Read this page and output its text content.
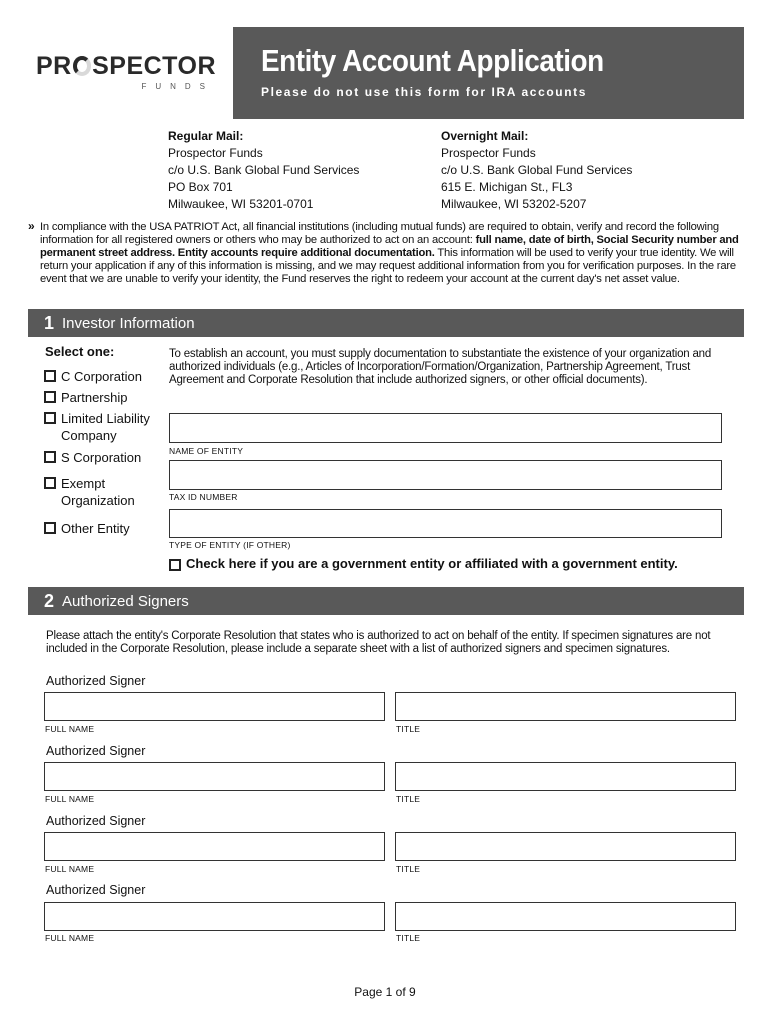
PR SPECTOR
FUNDS
Entity Account Application
Please do not use this form for IRA accounts
Regular Mail:
Prospector Funds
c/o U.S. Bank Global Fund Services
PO Box 701
Milwaukee, WI 53201-0701
Overnight Mail:
Prospector Funds
c/o U.S. Bank Global Fund Services
615 E. Michigan St., FL3
Milwaukee, WI 53202-5207
» In compliance with the USA PATRIOT Act, all financial institutions (including mutual funds) are required to obtain, verify and record the following information for all registered owners or others who may be authorized to act on an account: full name, date of birth, Social Security number and permanent street address. Entity accounts require additional documentation. This information will be used to verify your true identity. We will return your application if any of this information is missing, and we may request additional information from you for verification purposes. In the rare event that we are unable to verify your identity, the Fund reserves the right to redeem your account at the current day's net asset value.

1 Investor Information
Select one:
C Corporation
Partnership
Limited Liability Company
S Corporation
Exempt Organization
Other Entity
To establish an account, you must supply documentation to substantiate the existence of your organization and authorized individuals (e.g., Articles of Incorporation/Formation/Organization, Partnership Agreement, Trust Agreement and Corporate Resolution that include authorized signers, or other official documents).
NAME OF ENTITY
TAX ID NUMBER
TYPE OF ENTITY (IF OTHER)
Check here if you are a government entity or affiliated with a government entity.
2 Authorized Signers
Please attach the entity's Corporate Resolution that states who is authorized to act on behalf of the entity. If specimen signatures are not included in the Corporate Resolution, please include a separate sheet with a list of authorized signers and specimen signatures.
Authorized Signer
FULL NAME	TITLE
Authorized Signer
FULL NAME	TITLE
Authorized Signer
FULL NAME	TITLE
Authorized Signer
FULL NAME	TITLE
Page 1 of 9
